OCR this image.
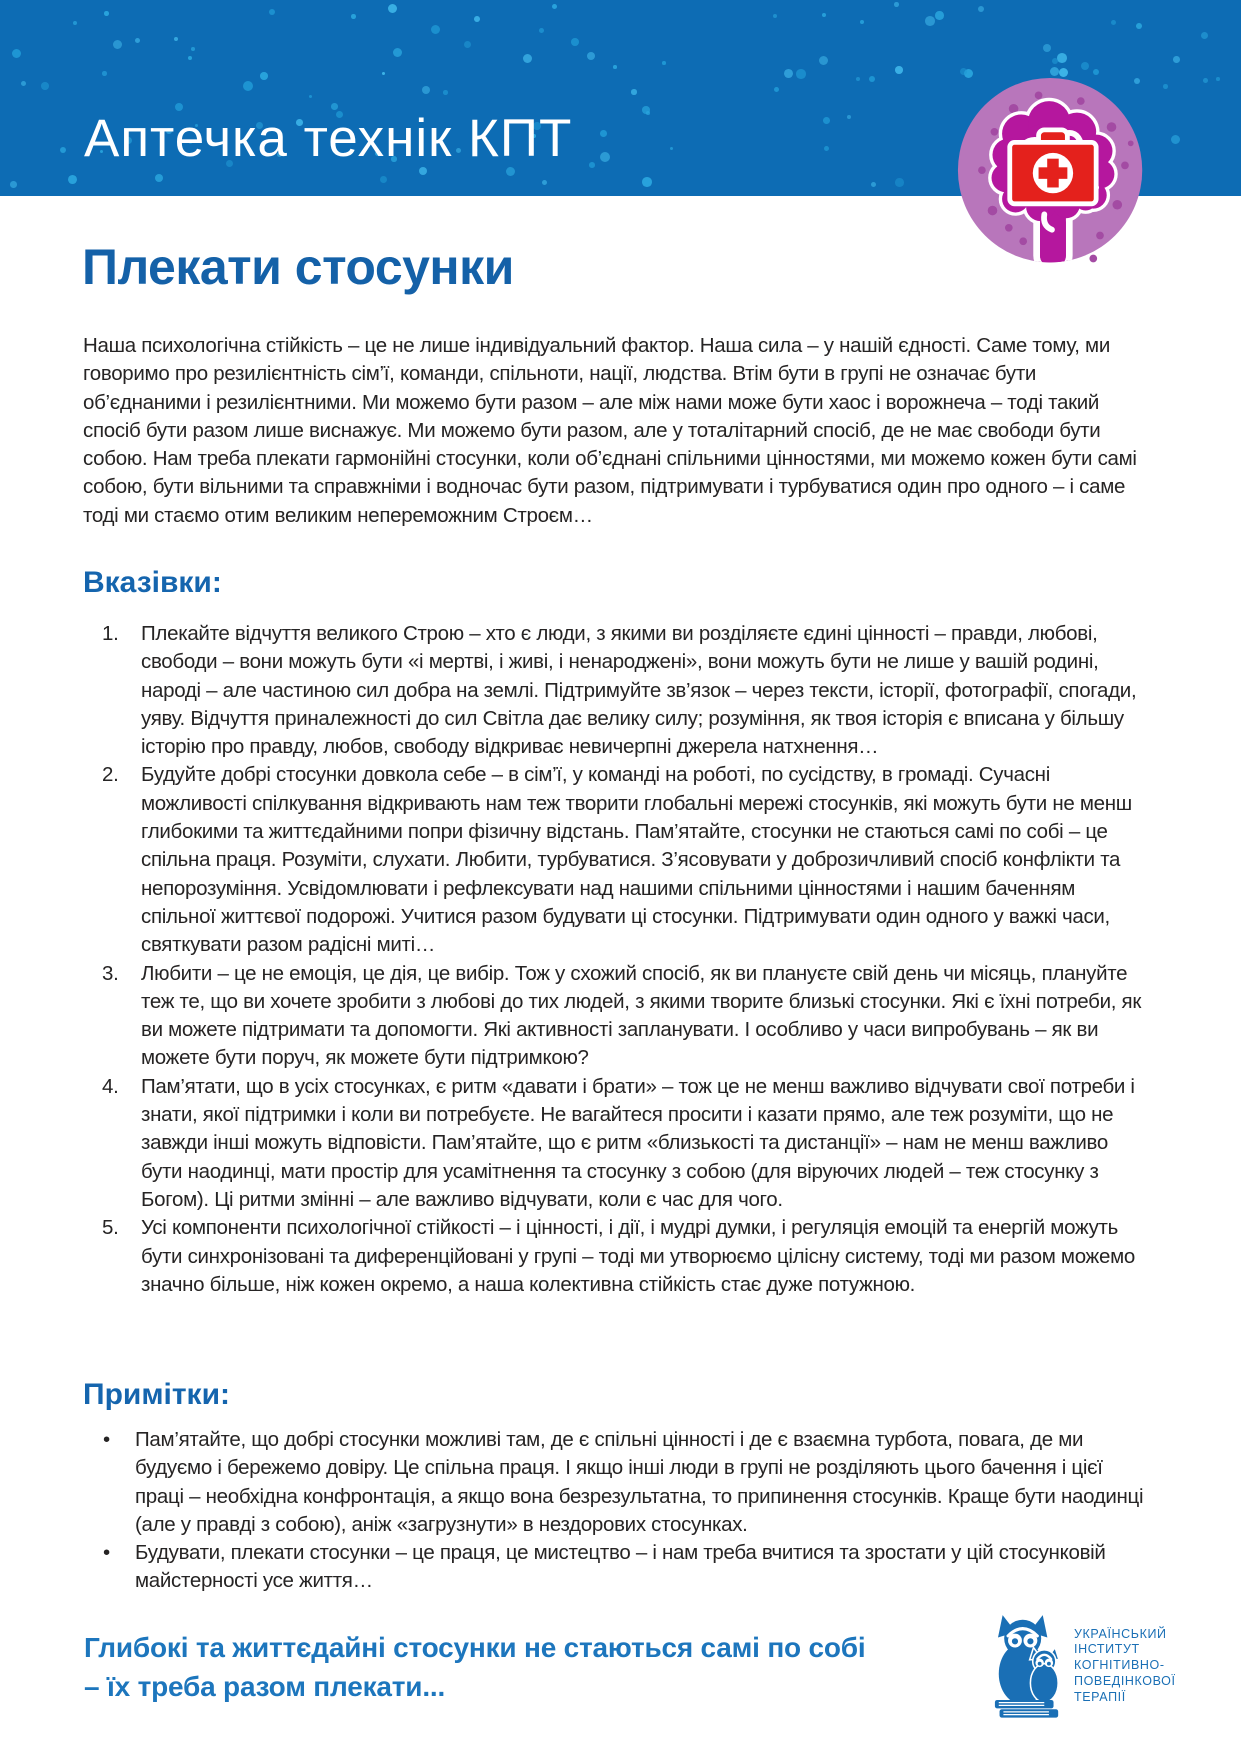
Аптечка технік КПТ
Плекати стосунки

Наша психологічна стійкість – це не лише індивідуальний фактор. Наша сила – у нашій єдності. Саме тому, ми говоримо про резилієнтність сім’ї, команди, спільноти, нації, людства. Втім бути в групі не означає бути об’єднаними і резилієнтними. Ми можемо бути разом – але між нами може бути хаос і ворожнеча – тоді такий спосіб бути разом лише виснажує. Ми можемо бути разом, але у тоталітарний спосіб, де не має свободи бути собою. Нам треба плекати гармонійні стосунки, коли об’єднані спільними цінностями, ми можемо кожен бути самі собою, бути вільними та справжніми і водночас бути разом, підтримувати і турбуватися один про одного – і саме тоді ми стаємо отим великим непереможним Строєм…

Вказівки:
1.	Плекайте відчуття великого Строю – хто є люди, з якими ви розділяєте єдині цінності – правди, любові, свободи – вони можуть бути «і мертві, і живі, і ненароджені», вони можуть бути не лише у вашій родині, народі – але частиною сил добра на землі. Підтримуйте зв’язок – через тексти, історії, фотографії, спогади, уяву. Відчуття приналежності до сил Світла дає велику силу; розуміння, як твоя історія є вписана у більшу історію про правду, любов, свободу відкриває невичерпні джерела натхнення…
2.	Будуйте добрі стосунки довкола себе – в сім’ї, у команді на роботі, по сусідству, в громаді. Сучасні можливості спілкування відкривають нам теж творити глобальні мережі стосунків, які можуть бути не менш глибокими та життєдайними попри фізичну відстань. Пам’ятайте, стосунки не стаються самі по собі – це спільна праця. Розуміти, слухати. Любити, турбуватися. З’ясовувати у доброзичливий спосіб конфлікти та непорозуміння. Усвідомлювати і рефлексувати над нашими спільними цінностями і нашим баченням спільної життєвої подорожі. Учитися разом будувати ці стосунки. Підтримувати один одного у важкі часи, святкувати разом радісні миті…
3.	Любити – це не емоція, це дія, це вибір. Тож у схожий спосіб, як ви плануєте свій день чи місяць, плануйте теж те, що ви хочете зробити з любові до тих людей, з якими творите близькі стосунки. Які є їхні потреби, як ви можете підтримати та допомогти. Які активності запланувати. І особливо у часи випробувань – як ви можете бути поруч, як можете бути підтримкою?
4.	Пам’ятати, що в усіх стосунках, є ритм «давати і брати» – тож це не менш важливо відчувати свої потреби і знати, якої підтримки і коли ви потребуєте. Не вагайтеся просити і казати прямо, але теж розуміти, що не завжди інші можуть відповісти. Пам’ятайте, що є ритм «близькості та дистанції» – нам не менш важливо бути наодинці, мати простір для усамітнення та стосунку з собою (для віруючих людей – теж стосунку з Богом). Ці ритми змінні – але важливо відчувати, коли є час для чого.
5.	Усі компоненти психологічної стійкості – і цінності, і дії, і мудрі думки, і регуляція емоцій та енергій можуть бути синхронізовані та диференційовані у групі – тоді ми утворюємо цілісну систему, тоді ми разом можемо значно більше, ніж кожен окремо, а наша колективна стійкість стає дуже потужною.
Примітки:
•	Пам’ятайте, що добрі стосунки можливі там, де є спільні цінності і де є взаємна турбота, повага, де ми будуємо і бережемо довіру. Це спільна праця. І якщо інші люди в групі не розділяють цього бачення і цієї праці – необхідна конфронтація, а якщо вона безрезультатна, то припинення стосунків. Краще бути наодинці (але у правді з собою), аніж «загрузнути» в нездорових стосунках.
•	Будувати, плекати стосунки – це праця, це мистецтво – і нам треба вчитися та зростати у цій стосунковій майстерності усе життя…
Глибокі та життєдайні стосунки не стаються самі по собі
– їх треба разом плекати...
УКРАЇНСЬКИЙ
ІНСТИТУТ
КОГНІТИВНО-
ПОВЕДІНКОВОЇ
ТЕРАПІЇ
